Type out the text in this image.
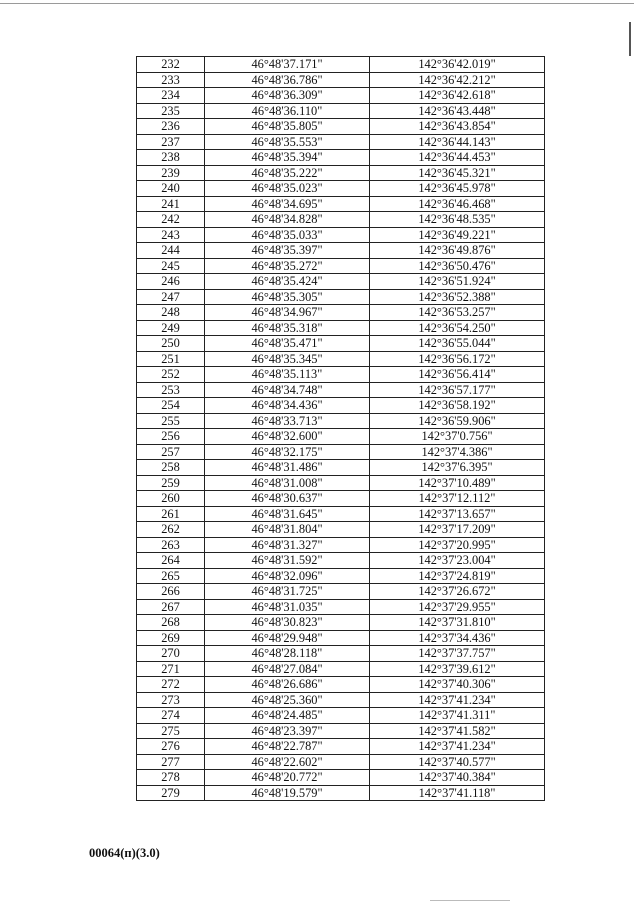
232	46°48'37.171"	142°36'42.019"
233	46°48'36.786"	142°36'42.212"
234	46°48'36.309"	142°36'42.618"
235	46°48'36.110"	142°36'43.448"
236	46°48'35.805"	142°36'43.854"
237	46°48'35.553"	142°36'44.143"
238	46°48'35.394"	142°36'44.453"
239	46°48'35.222"	142°36'45.321"
240	46°48'35.023"	142°36'45.978"
241	46°48'34.695"	142°36'46.468"
242	46°48'34.828"	142°36'48.535"
243	46°48'35.033"	142°36'49.221"
244	46°48'35.397"	142°36'49.876"
245	46°48'35.272"	142°36'50.476"
246	46°48'35.424"	142°36'51.924"
247	46°48'35.305"	142°36'52.388"
248	46°48'34.967"	142°36'53.257"
249	46°48'35.318"	142°36'54.250"
250	46°48'35.471"	142°36'55.044"
251	46°48'35.345"	142°36'56.172"
252	46°48'35.113"	142°36'56.414"
253	46°48'34.748"	142°36'57.177"
254	46°48'34.436"	142°36'58.192"
255	46°48'33.713"	142°36'59.906"
256	46°48'32.600"	142°37'0.756"
257	46°48'32.175"	142°37'4.386"
258	46°48'31.486"	142°37'6.395"
259	46°48'31.008"	142°37'10.489"
260	46°48'30.637"	142°37'12.112"
261	46°48'31.645"	142°37'13.657"
262	46°48'31.804"	142°37'17.209"
263	46°48'31.327"	142°37'20.995"
264	46°48'31.592"	142°37'23.004"
265	46°48'32.096"	142°37'24.819"
266	46°48'31.725"	142°37'26.672"
267	46°48'31.035"	142°37'29.955"
268	46°48'30.823"	142°37'31.810"
269	46°48'29.948"	142°37'34.436"
270	46°48'28.118"	142°37'37.757"
271	46°48'27.084"	142°37'39.612"
272	46°48'26.686"	142°37'40.306"
273	46°48'25.360"	142°37'41.234"
274	46°48'24.485"	142°37'41.311"
275	46°48'23.397"	142°37'41.582"
276	46°48'22.787"	142°37'41.234"
277	46°48'22.602"	142°37'40.577"
278	46°48'20.772"	142°37'40.384"
279	46°48'19.579"	142°37'41.118"
00064(п)(3.0)
